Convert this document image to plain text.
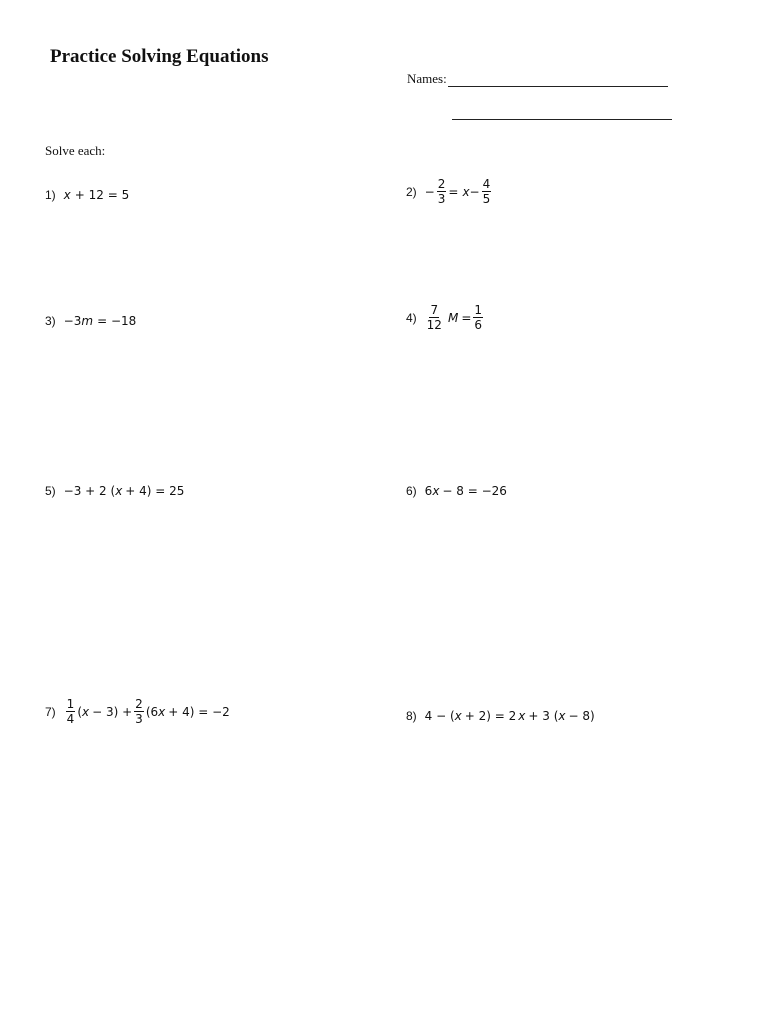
Practice Solving Equations
Names:
Solve each:
1) x + 12 = 5	$2) - \frac{2}{3} = x - \frac{4}{5}$
3) −3 m = −18	$4) \frac{7}{12}$ $M = \frac{1}{6}$
5) −3 + 2 ( x + 4) = 25	6) 6 x − 8 = −26
$7) \frac{1}{4}$ ( $x - 3) + \frac{2}{3} (6$ x + 4) = −2	8) 4 − ( x + 2) = 2 x + 3 ( x − 8)
